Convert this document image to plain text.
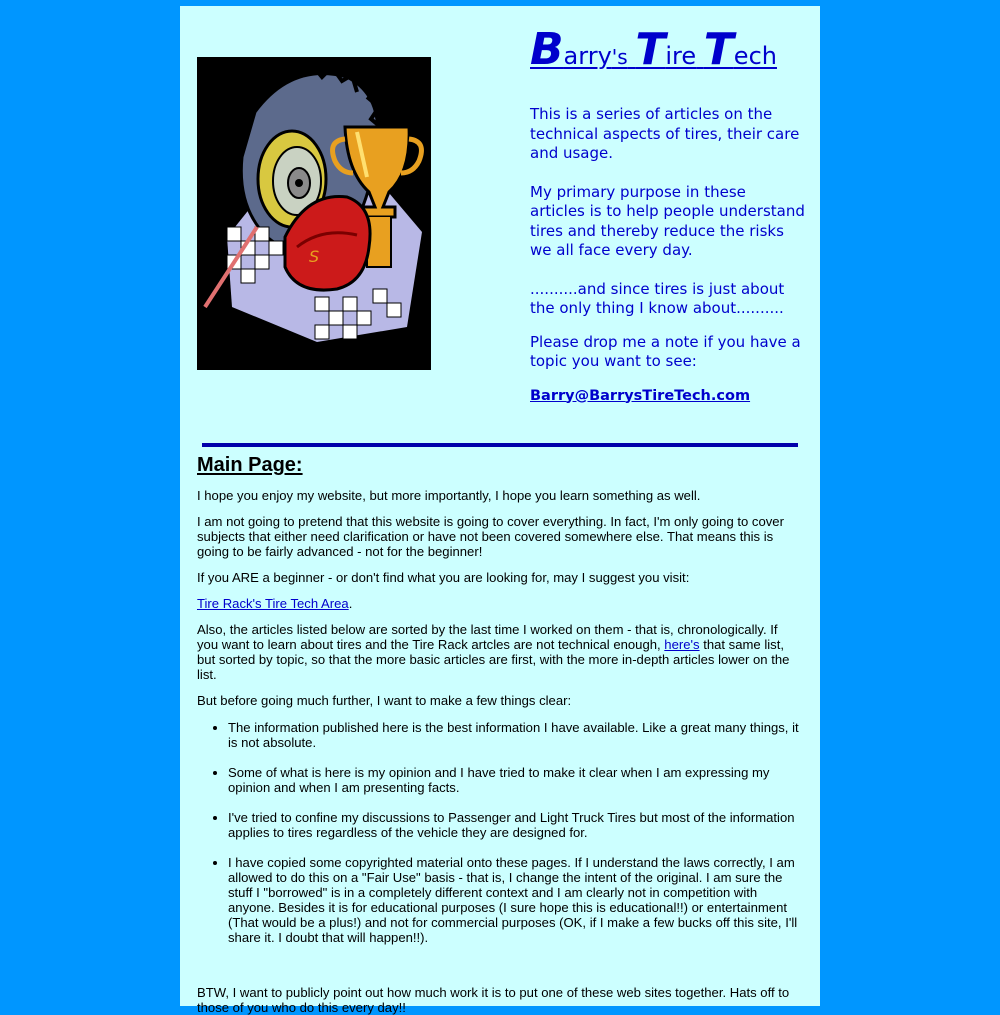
S
Barry's Tire Tech

This is a series of articles on the technical aspects of tires, their care and usage.

My primary purpose in these articles is to help people understand tires and thereby reduce the risks we all face every day.

..........and since tires is just about the only thing I know about..........

Please drop me a note if you have a topic you want to see:

Barry@BarrysTireTech.com

Main Page:

I hope you enjoy my website, but more importantly, I hope you learn something as well.

I am not going to pretend that this website is going to cover everything. In fact, I'm only going to cover subjects that either need clarification or have not been covered somewhere else. That means this is going to be fairly advanced - not for the beginner!

If you ARE a beginner - or don't find what you are looking for, may I suggest you visit:

Tire Rack's Tire Tech Area.

Also, the articles listed below are sorted by the last time I worked on them - that is, chronologically. If you want to learn about tires and the Tire Rack artcles are not technical enough, here's that same list, but sorted by topic, so that the more basic articles are first, with the more in-depth articles lower on the list.

But before going much further, I want to make a few things clear:

• The information published here is the best information I have available. Like a great many things, it is not absolute.
• Some of what is here is my opinion and I have tried to make it clear when I am expressing my opinion and when I am presenting facts.
• I've tried to confine my discussions to Passenger and Light Truck Tires but most of the information applies to tires regardless of the vehicle they are designed for.
• I have copied some copyrighted material onto these pages. If I understand the laws correctly, I am allowed to do this on a "Fair Use" basis - that is, I change the intent of the original. I am sure the stuff I "borrowed" is in a completely different context and I am clearly not in competition with anyone. Besides it is for educational purposes (I sure hope this is educational!!) or entertainment (That would be a plus!) and not for commercial purposes (OK, if I make a few bucks off this site, I'll share it. I doubt that will happen!!).

BTW, I want to publicly point out how much work it is to put one of these web sites together. Hats off to those of you who do this every day!!
